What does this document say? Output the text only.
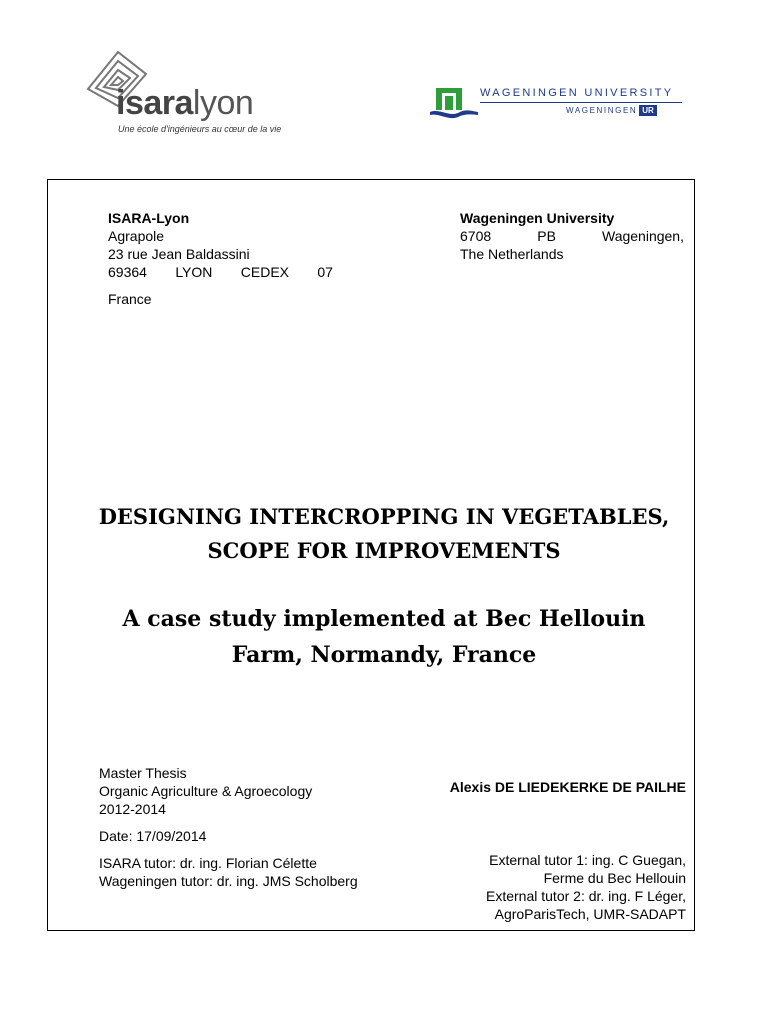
isaralyon
Une école d'ingénieurs au cœur de la vie
WAGENINGEN UNIVERSITY
WAGENINGEN UR
ISARA-Lyon
Agrapole
23 rue Jean Baldassini
69364 LYON CEDEX 07
France
Wageningen University
6708	PB	Wageningen,
The Netherlands
DESIGNING INTERCROPPING IN VEGETABLES,
SCOPE FOR IMPROVEMENTS
A case study implemented at Bec Hellouin
Farm, Normandy, France
Master Thesis
Organic Agriculture & Agroecology
2012-2014
Date: 17/09/2014
ISARA tutor: dr. ing. Florian Célette
Wageningen tutor: dr. ing. JMS Scholberg
Alexis DE LIEDEKERKE DE PAILHE
External tutor 1: ing. C Guegan,
Ferme du Bec Hellouin
External tutor 2: dr. ing. F Léger,
AgroParisTech, UMR-SADAPT
